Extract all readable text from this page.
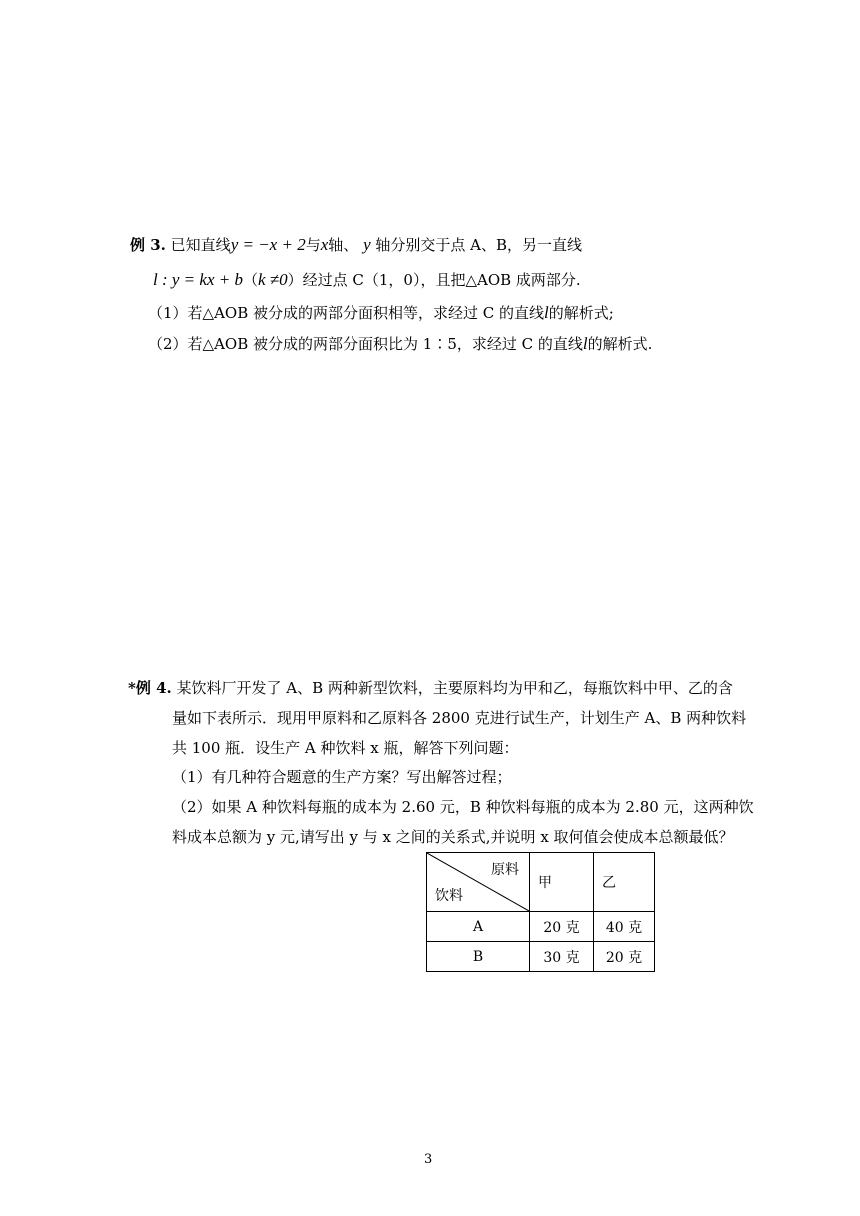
例 3. 已知直线y = −x + 2与x轴、 y 轴分别交于点 A、B，另一直线
l : y = kx + b（k ≠0）经过点 C（1，0），且把△AOB 成两部分.
（1）若△AOB 被分成的两部分面积相等，求经过 C 的直线l的解析式;
（2）若△AOB 被分成的两部分面积比为 1∶5，求经过 C 的直线l的解析式.
*例 4. 某饮料厂开发了 A、B 两种新型饮料，主要原料均为甲和乙，每瓶饮料中甲、乙的含
量如下表所示．现用甲原料和乙原料各 2800 克进行试生产，计划生产 A、B 两种饮料
共 100 瓶．设生产 A 种饮料 x 瓶，解答下列问题：
（1）有几种符合题意的生产方案？写出解答过程；
（2）如果 A 种饮料每瓶的成本为 2.60 元，B 种饮料每瓶的成本为 2.80 元，这两种饮
料成本总额为 y 元,请写出 y 与 x 之间的关系式,并说明 x 取何值会使成本总额最低？
原料
饮料	甲	乙
A	20 克	40 克
B	30 克	20 克
3
